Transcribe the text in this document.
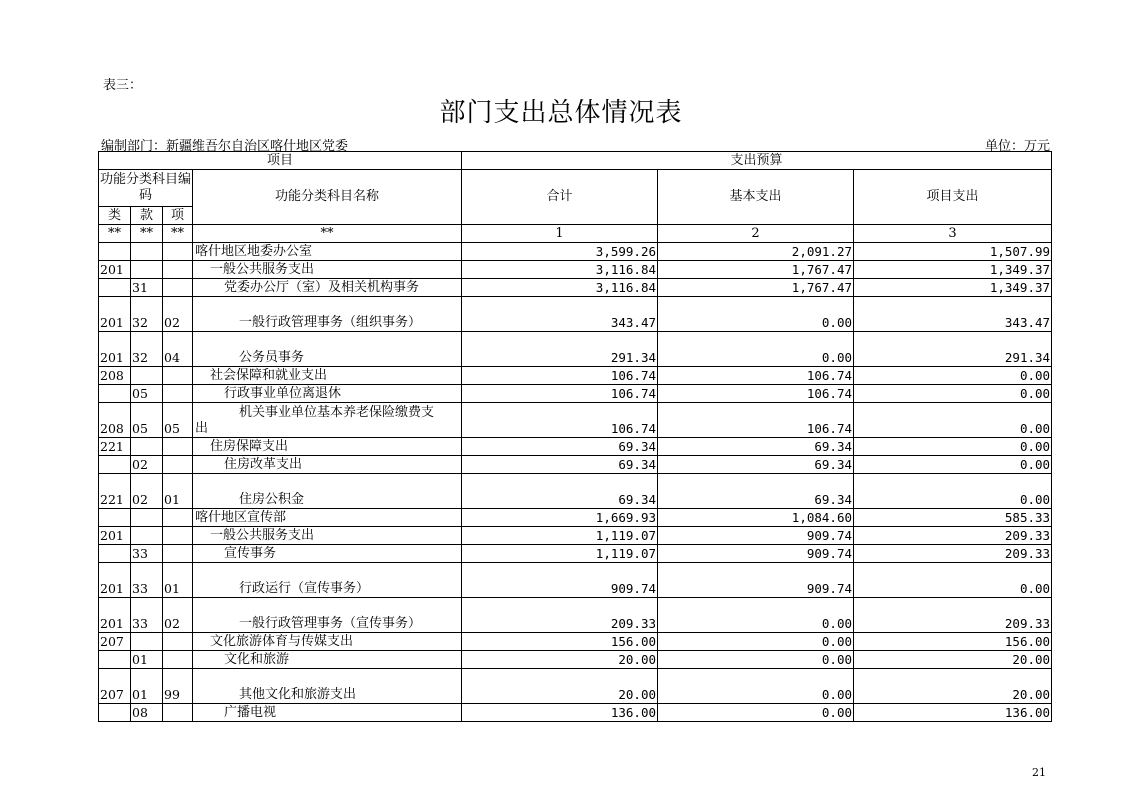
表三：
部门支出总体情况表
编制部门：新疆维吾尔自治区喀什地区党委	单位：万元
项目				支出预算		
功能分类科目编码			功能分类科目名称	合计	基本支出	项目支出
类	款	项				
**	**	**	**	1	2	3
			喀什地区地委办公室	3,599.26	2,091.27	1,507.99
201			一般公共服务支出	3,116.84	1,767.47	1,349.37
	31		党委办公厅（室）及相关机构事务	3,116.84	1,767.47	1,349.37
201	32	02	一般行政管理事务（组织事务）	343.47	0.00	343.47
201	32	04	公务员事务	291.34	0.00	291.34
208			社会保障和就业支出	106.74	106.74	0.00
	05		行政事业单位离退休	106.74	106.74	0.00
208	05	05	机关事业单位基本养老保险缴费支
出	106.74	106.74	0.00
221			住房保障支出	69.34	69.34	0.00
	02		住房改革支出	69.34	69.34	0.00
221	02	01	住房公积金	69.34	69.34	0.00
			喀什地区宣传部	1,669.93	1,084.60	585.33
201			一般公共服务支出	1,119.07	909.74	209.33
	33		宣传事务	1,119.07	909.74	209.33
201	33	01	行政运行（宣传事务）	909.74	909.74	0.00
201	33	02	一般行政管理事务（宣传事务）	209.33	0.00	209.33
207			文化旅游体育与传媒支出	156.00	0.00	156.00
	01		文化和旅游	20.00	0.00	20.00
207	01	99	其他文化和旅游支出	20.00	0.00	20.00
	08		广播电视	136.00	0.00	136.00
21
